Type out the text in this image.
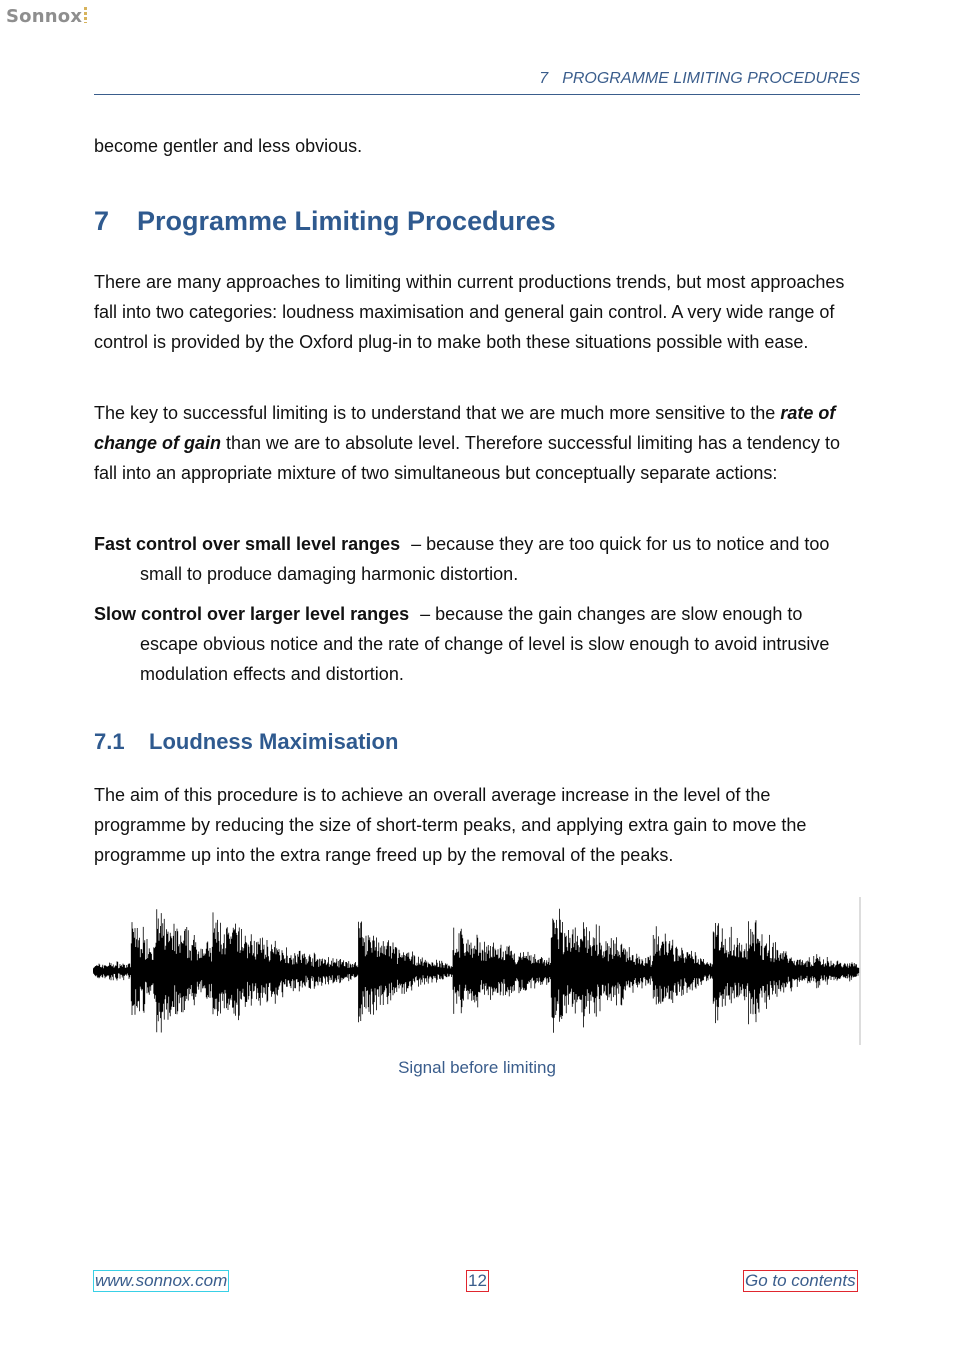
Sonnox
7 PROGRAMME LIMITING PROCEDURES

become gentler and less obvious.

7 Programme Limiting Procedures

There are many approaches to limiting within current productions trends, but most approaches fall into two categories: loudness maximisation and general gain control. A very wide range of control is provided by the Oxford plug-in to make both these situations possible with ease.

The key to successful limiting is to understand that we are much more sensitive to the rate of change of gain than we are to absolute level. Therefore successful limiting has a tendency to fall into an appropriate mixture of two simultaneous but conceptually separate actions:

Fast control over small level ranges – because they are too quick for us to notice and too small to produce damaging harmonic distortion.

Slow control over larger level ranges – because the gain changes are slow enough to escape obvious notice and the rate of change of level is slow enough to avoid intrusive modulation effects and distortion.

7.1 Loudness Maximisation

The aim of this procedure is to achieve an overall average increase in the level of the programme by reducing the size of short-term peaks, and applying extra gain to move the programme up into the extra range freed up by the removal of the peaks.

Signal before limiting
www.sonnox.com	12	Go to contents
